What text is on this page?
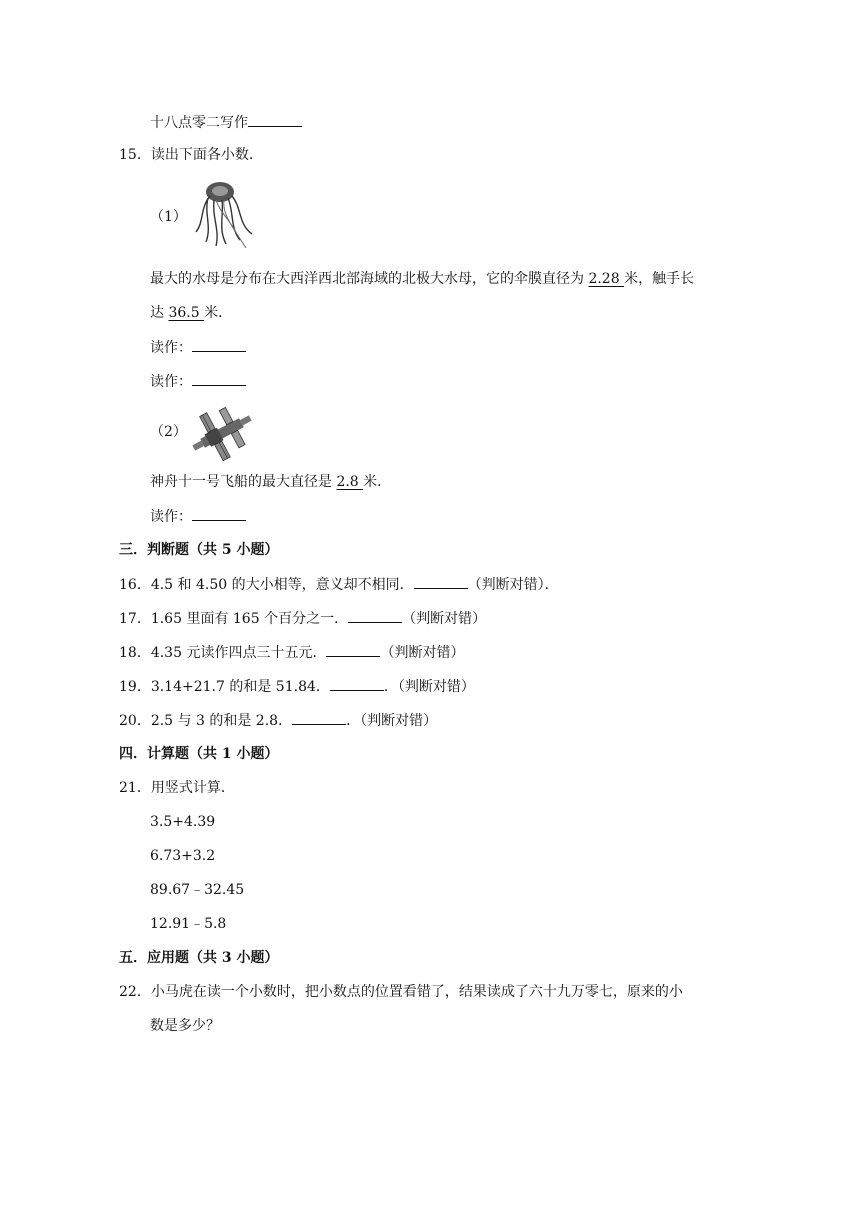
十八点零二写作
15．读出下面各小数．
（1）
最大的水母是分布在大西洋西北部海域的北极大水母，它的伞膜直径为 2.28 米，触手长
达 36.5 米．
读作：
读作：
（2）
神舟十一号飞船的最大直径是 2.8 米．
读作：
三．判断题（共 5 小题）
16．4.5 和 4.50 的大小相等，意义却不相同．	（判断对错）．
17．1.65 里面有 165 个百分之一．	（判断对错）
18．4.35 元读作四点三十五元．	（判断对错）
19．3.14+21.7 的和是 51.84．	．（判断对错）
20．2.5 与 3 的和是 2.8．	．（判断对错）
四．计算题（共 1 小题）
21．用竖式计算．
3.5+4.39
6.73+3.2
89.67﹣32.45
12.91﹣5.8
五．应用题（共 3 小题）
22．小马虎在读一个小数时，把小数点的位置看错了，结果读成了六十九万零七，原来的小
数是多少？
